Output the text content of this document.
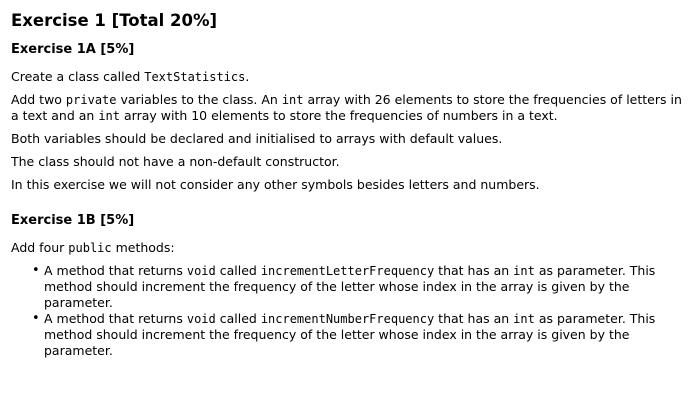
Exercise 1 [Total 20%]
Exercise 1A [5%]

Create a class called TextStatistics.

Add two private variables to the class. An int array with 26 elements to store the frequencies of letters in a text and an int array with 10 elements to store the frequencies of numbers in a text.

Both variables should be declared and initialised to arrays with default values.

The class should not have a non-default constructor.

In this exercise we will not consider any other symbols besides letters and numbers.

Exercise 1B [5%]

Add four public methods:

• A method that returns void called incrementLetterFrequency that has an int as parameter. This method should increment the frequency of the letter whose index in the array is given by the parameter.
• A method that returns void called incrementNumberFrequency that has an int as parameter. This method should increment the frequency of the letter whose index in the array is given by the parameter.
